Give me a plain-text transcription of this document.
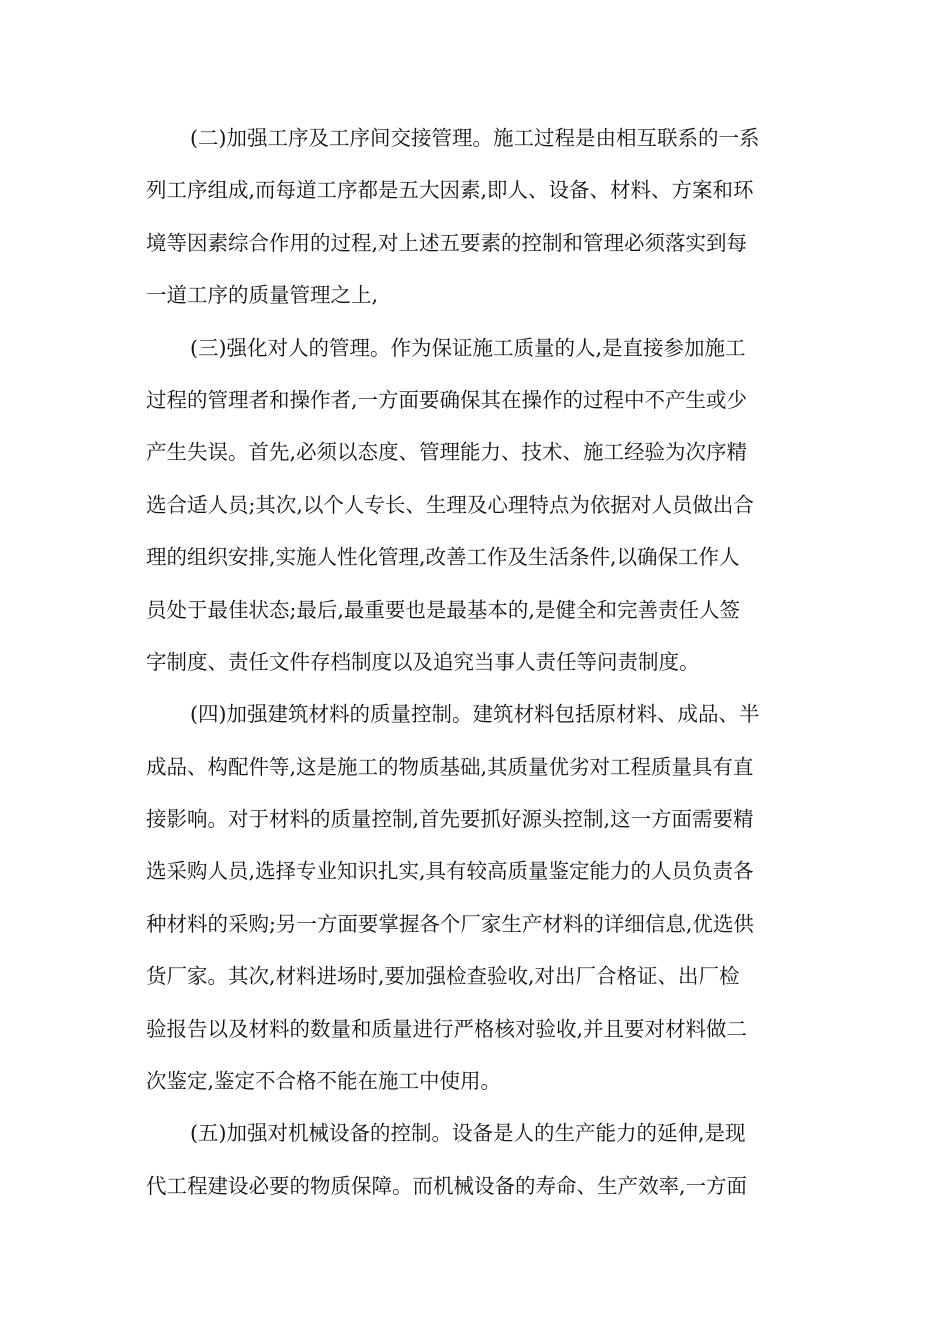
(二)加强工序及工序间交接管理。施工过程是由相互联系的一系
列工序组成,而每道工序都是五大因素,即人、设备、材料、方案和环
境等因素综合作用的过程,对上述五要素的控制和管理必须落实到每
一道工序的质量管理之上,

(三)强化对人的管理。作为保证施工质量的人,是直接参加施工
过程的管理者和操作者,一方面要确保其在操作的过程中不产生或少
产生失误。首先,必须以态度、管理能力、技术、施工经验为次序精
选合适人员;其次,以个人专长、生理及心理特点为依据对人员做出合
理的组织安排,实施人性化管理,改善工作及生活条件,以确保工作人
员处于最佳状态;最后,最重要也是最基本的,是健全和完善责任人签
字制度、责任文件存档制度以及追究当事人责任等问责制度。

(四)加强建筑材料的质量控制。建筑材料包括原材料、成品、半
成品、构配件等,这是施工的物质基础,其质量优劣对工程质量具有直
接影响。对于材料的质量控制,首先要抓好源头控制,这一方面需要精
选采购人员,选择专业知识扎实,具有较高质量鉴定能力的人员负责各
种材料的采购;另一方面要掌握各个厂家生产材料的详细信息,优选供
货厂家。其次,材料进场时,要加强检查验收,对出厂合格证、出厂检
验报告以及材料的数量和质量进行严格核对验收,并且要对材料做二
次鉴定,鉴定不合格不能在施工中使用。

(五)加强对机械设备的控制。设备是人的生产能力的延伸,是现
代工程建设必要的物质保障。而机械设备的寿命、生产效率,一方面
